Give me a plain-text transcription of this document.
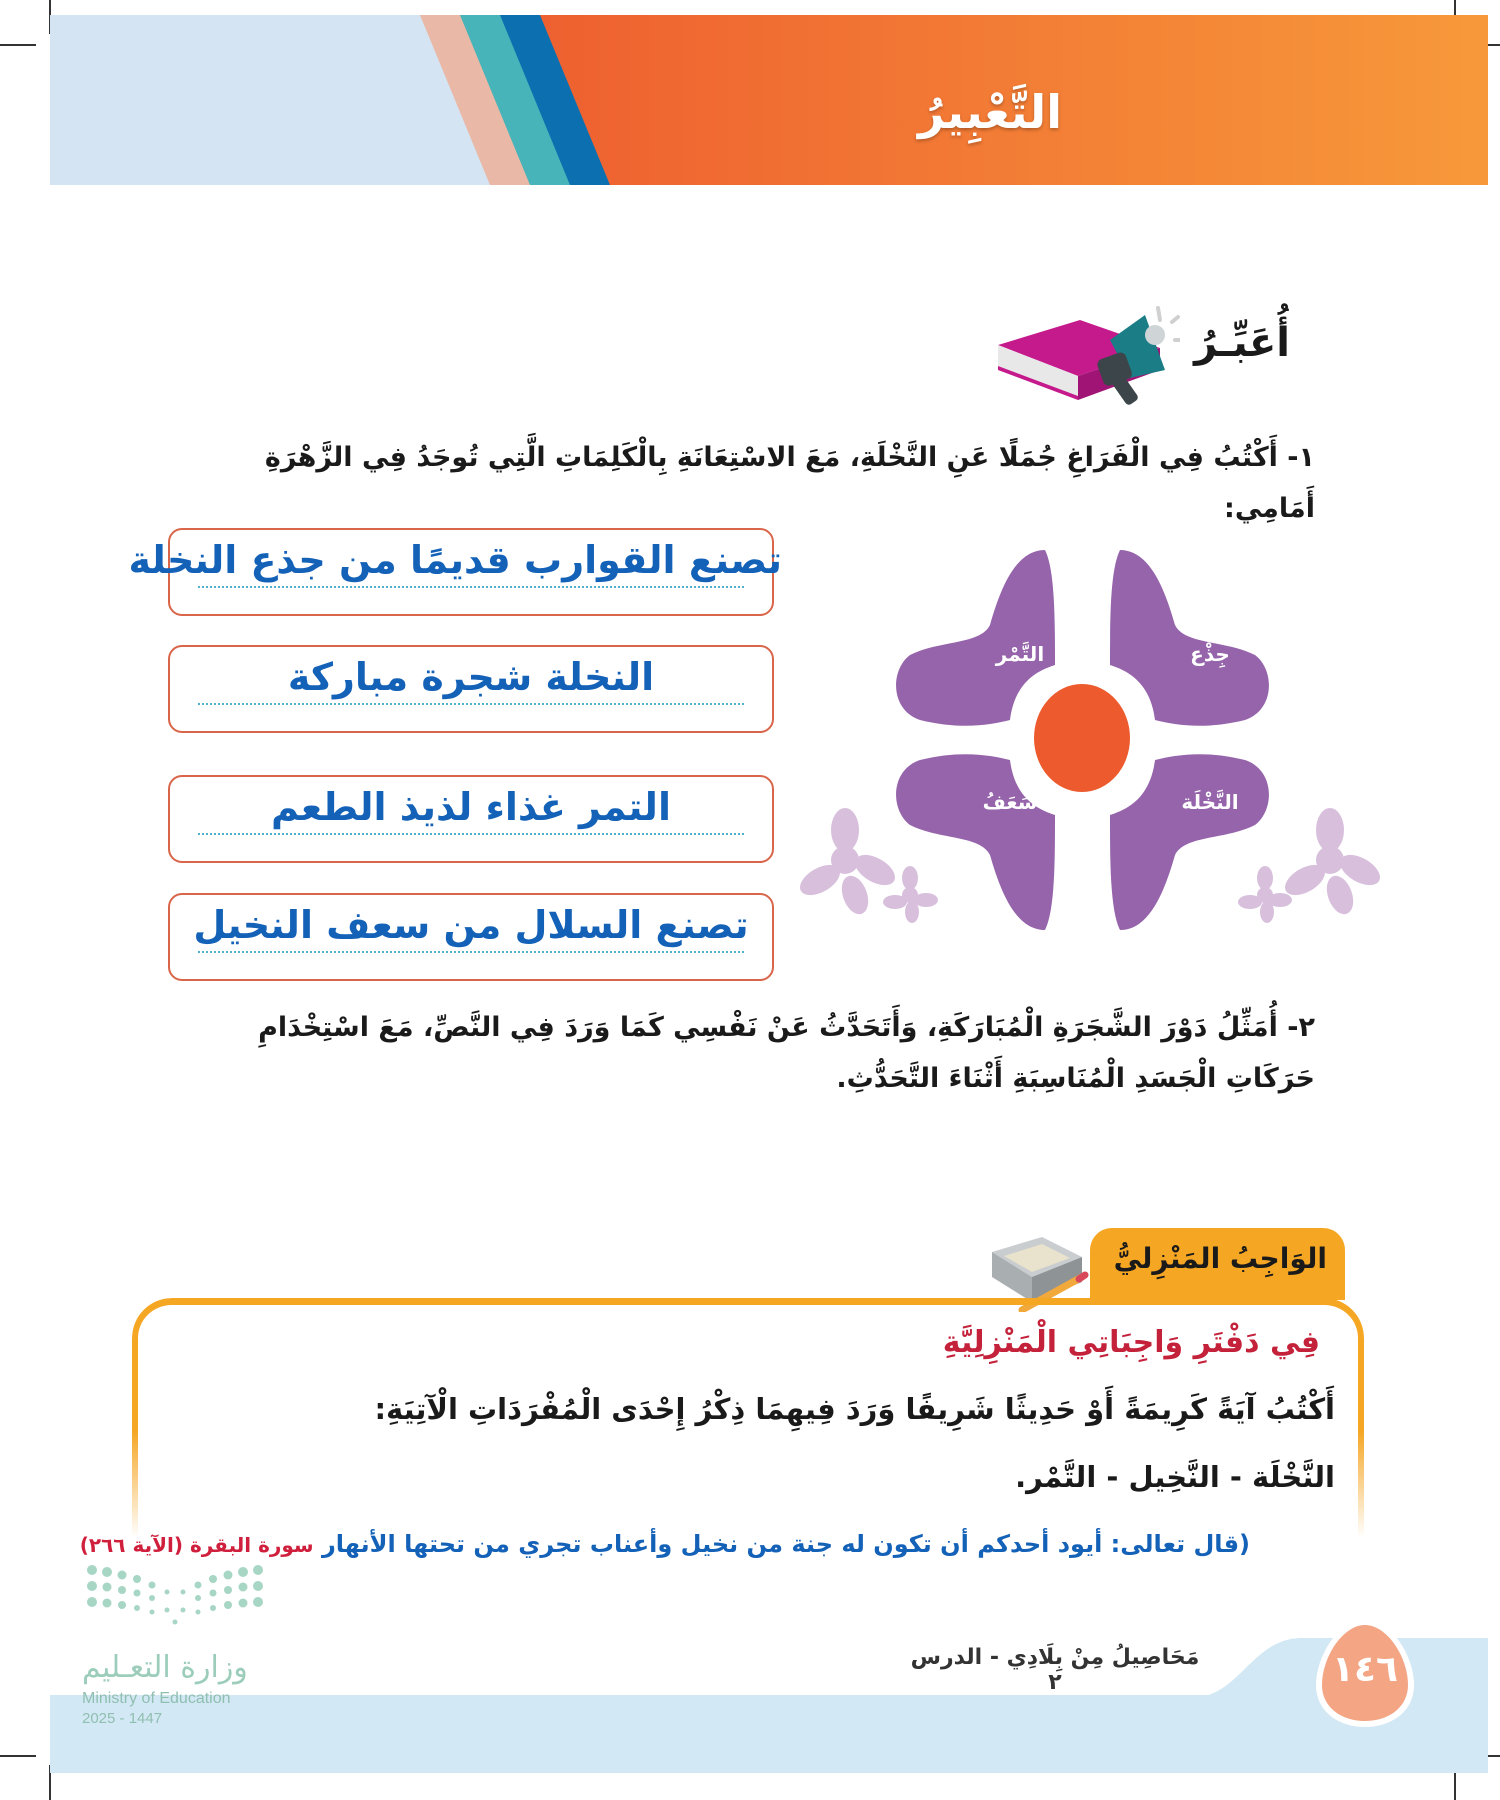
التَّعْبِيرُ
أُعَبِّـرُ
١- أَكْتُبُ فِي الْفَرَاغِ جُمَلًا عَنِ النَّخْلَةِ، مَعَ الاسْتِعَانَةِ بِالْكَلِمَاتِ الَّتِي تُوجَدُ فِي الزَّهْرَةِ أَمَامِي:
تصنع القوارب قديمًا من جذع النخلة
النخلة شجرة مباركة
التمر غذاء لذيذ الطعم
تصنع السلال من سعف النخيل
جِذْع
التَّمْر
سَعَفُ	النَّخْلَة
٢- أُمَثِّلُ دَوْرَ الشَّجَرَةِ الْمُبَارَكَةِ، وَأَتَحَدَّثُ عَنْ نَفْسِي كَمَا وَرَدَ فِي النَّصِّ، مَعَ اسْتِخْدَامِ حَرَكَاتِ الْجَسَدِ الْمُنَاسِبَةِ أَثْنَاءَ التَّحَدُّثِ.
الوَاجِبُ المَنْزِليُّ
فِي دَفْتَرِ وَاجِبَاتِي الْمَنْزِلِيَّةِ
أَكْتُبُ آيَةً كَرِيمَةً أَوْ حَدِيثًا شَرِيفًا وَرَدَ فِيهِمَا ذِكْرُ إِحْدَى الْمُفْرَدَاتِ الْآتِيَةِ:
النَّخْلَة - النَّخِيل - التَّمْر.
(قال تعالى: أيود أحدكم أن تكون له جنة من نخيل وأعناب تجري من تحتها الأنهار سورة البقرة (الآية ٢٦٦)
مَحَاصِيلُ مِنْ بِلَادِي - الدرس ٢	١٤٦
وزارة التعـليم
Ministry of Education
2025 - 1447
